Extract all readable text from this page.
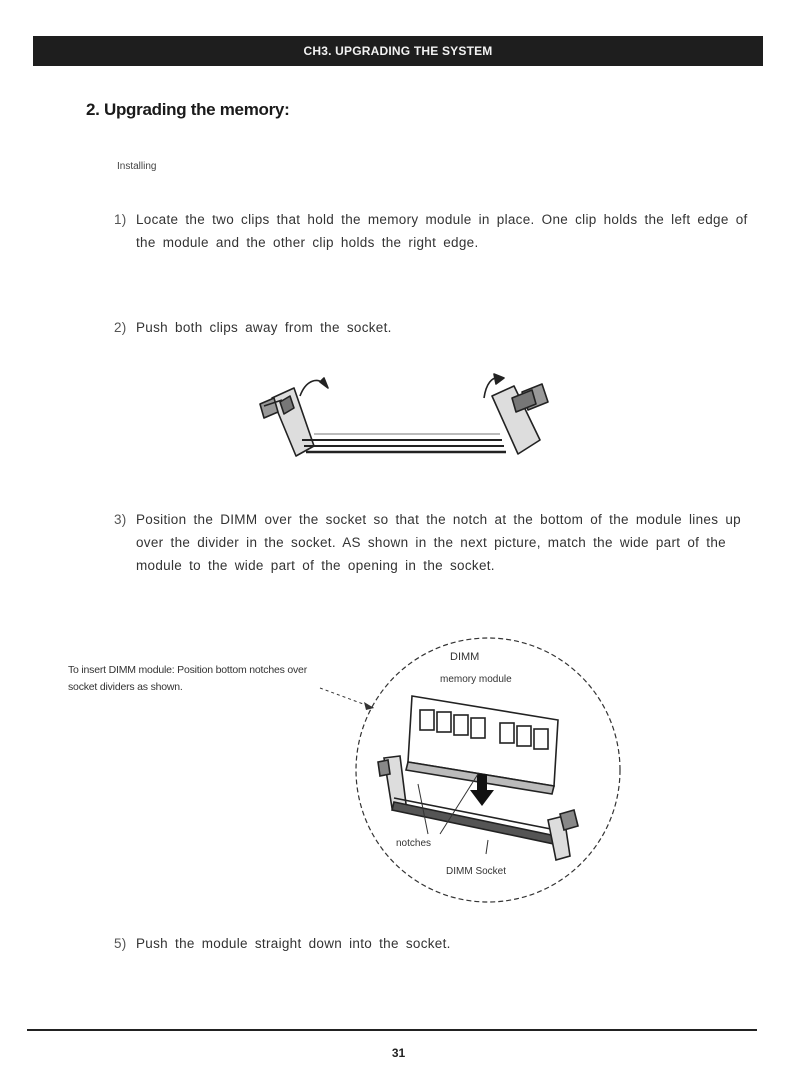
CH3. UPGRADING THE SYSTEM
2. Upgrading the memory:
Installing
1) Locate the two clips that hold the memory module in place. One clip holds the left edge of the module and the other clip holds the right edge.
2) Push both clips away from the socket.
3) Position the DIMM over the socket so that the notch at the bottom of the module lines up over the divider in the socket. AS shown in the next picture, match the wide part of the module to the wide part of the opening in the socket.
To insert DIMM module: Position bottom notches over socket dividers as shown.
DIMM
memory module
notches
DIMM Socket
5) Push the module straight down into the socket.
31
